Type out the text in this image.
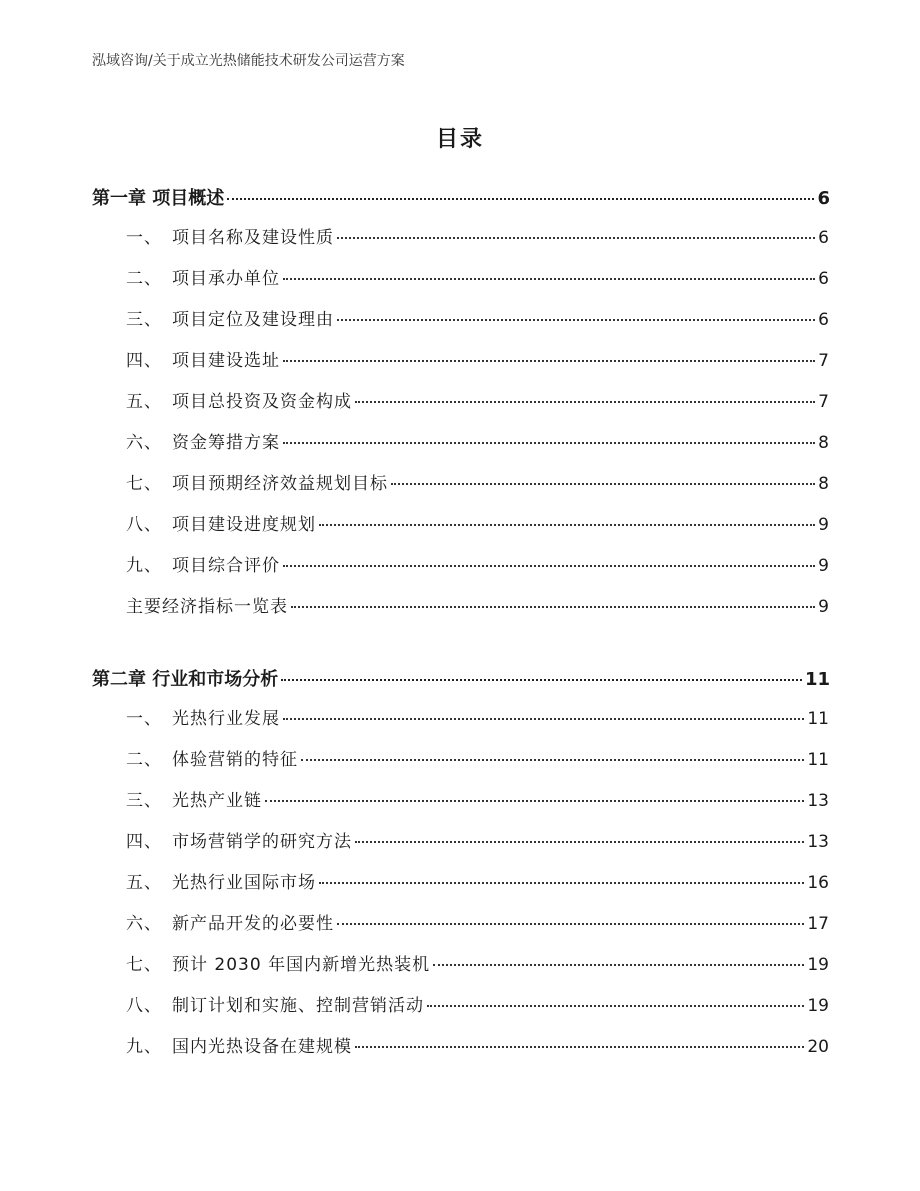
泓域咨询/关于成立光热储能技术研发公司运营方案
目录
第一章 项目概述	6
一、 项目名称及建设性质	6
二、 项目承办单位	6
三、 项目定位及建设理由	6
四、 项目建设选址	7
五、 项目总投资及资金构成	7
六、 资金筹措方案	8
七、 项目预期经济效益规划目标	8
八、 项目建设进度规划	9
九、 项目综合评价	9
主要经济指标一览表	9
第二章 行业和市场分析	11
一、 光热行业发展	11
二、 体验营销的特征	11
三、 光热产业链	13
四、 市场营销学的研究方法	13
五、 光热行业国际市场	16
六、 新产品开发的必要性	17
七、 预计 2030 年国内新增光热装机	19
八、 制订计划和实施、控制营销活动	19
九、 国内光热设备在建规模	20
